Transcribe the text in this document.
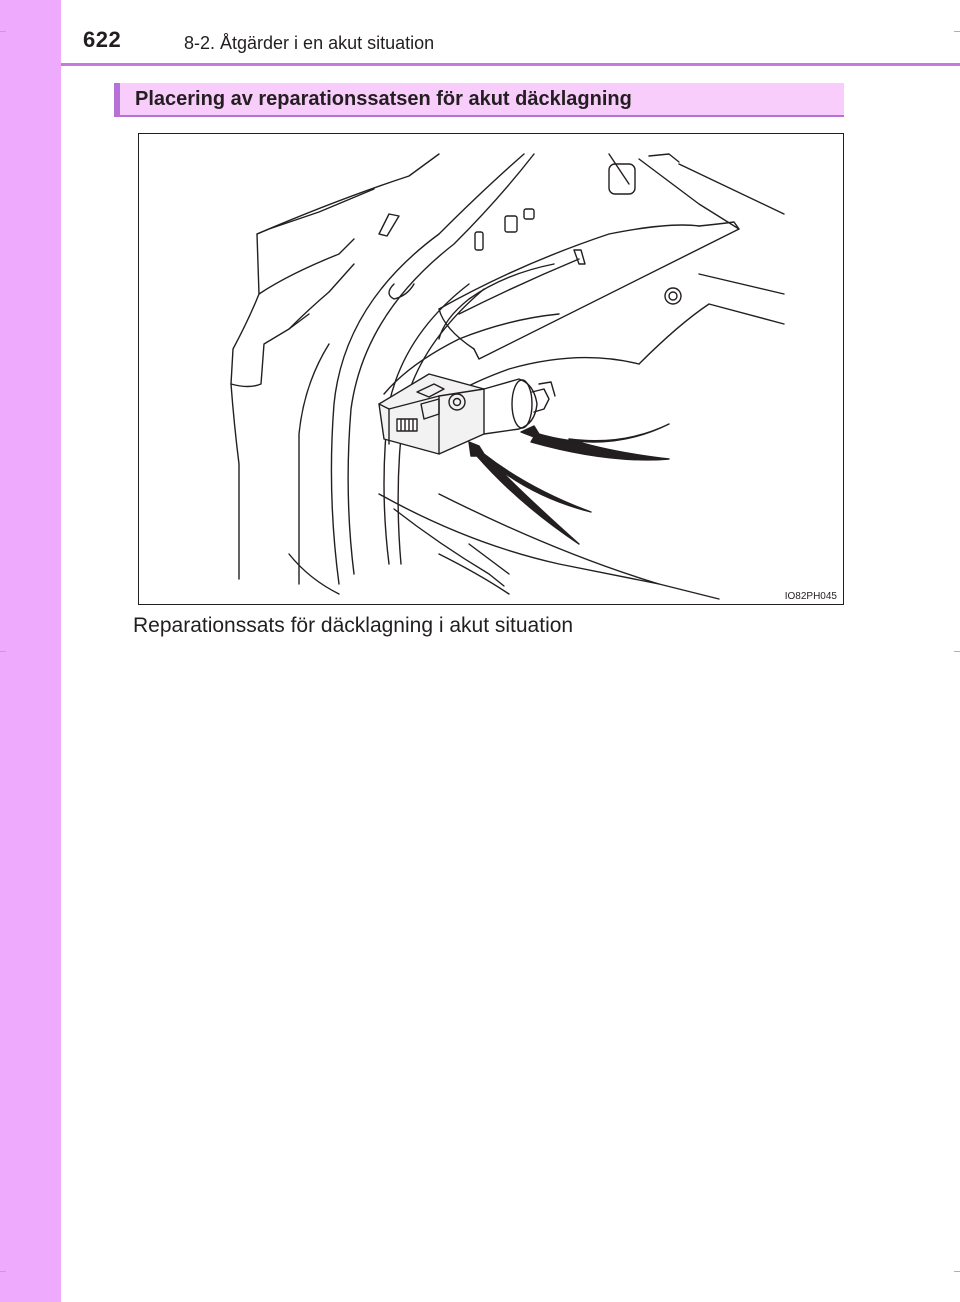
622	8-2. Åtgärder i en akut situation
Placering av reparationssatsen för akut däcklagning
IO82PH045
Reparationssats för däcklagning i akut situation
